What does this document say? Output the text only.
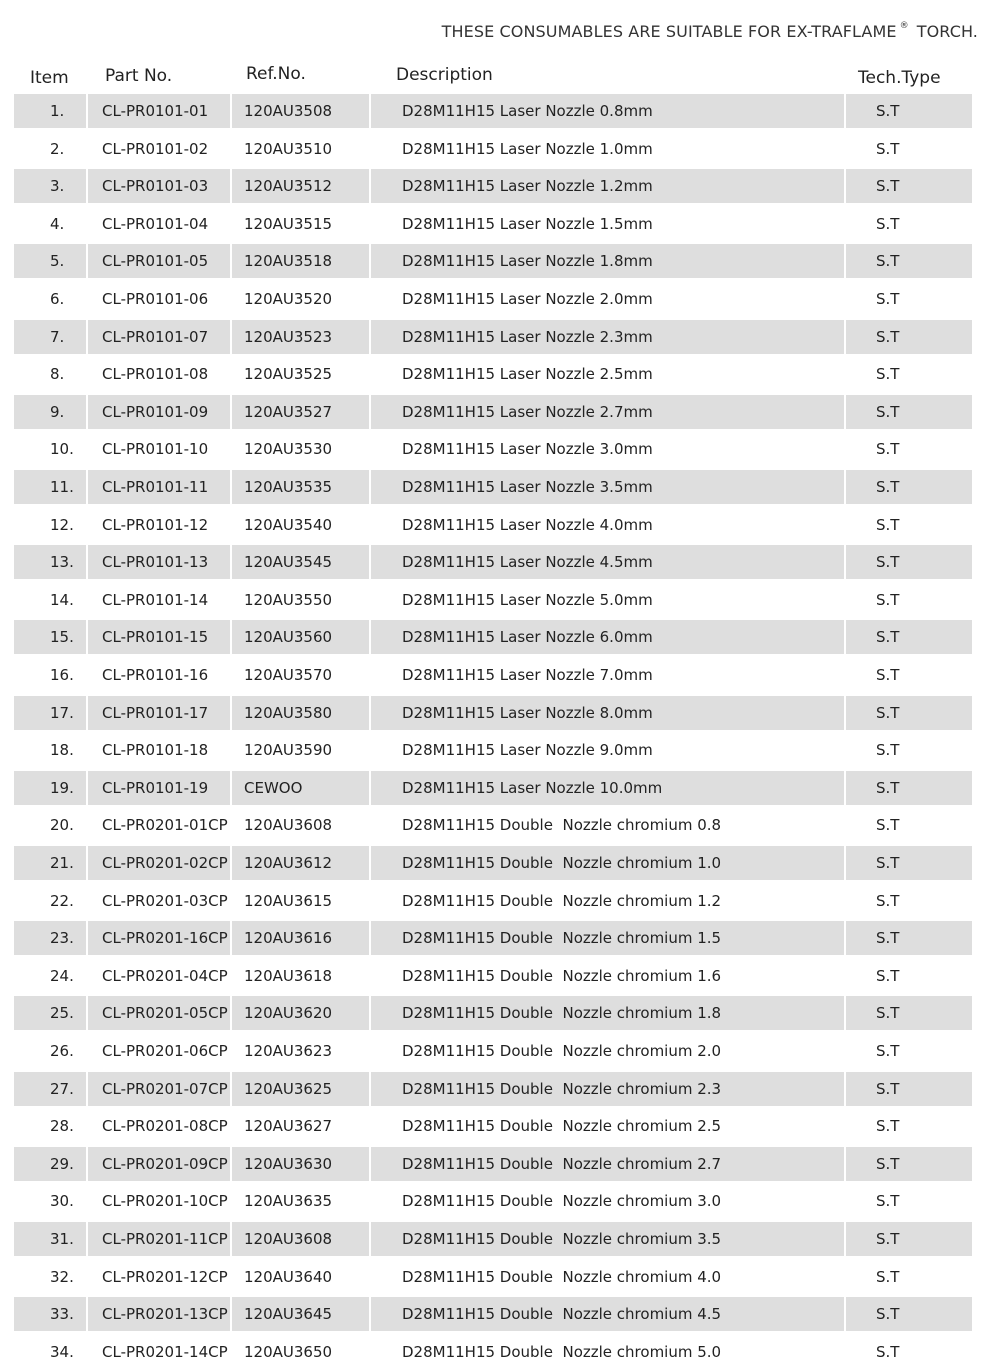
THESE CONSUMABLES ARE SUITABLE FOR EX-TRAFLAME ® TORCH.
Item Part No.	Ref.No.	Description	Tech.Type
1.	CL-PR0101-01 120AU3508	D28M11H15 Laser Nozzle 0.8mm	S.T
2.	CL-PR0101-02 120AU3510	D28M11H15 Laser Nozzle 1.0mm	S.T
3.	CL-PR0101-03 120AU3512	D28M11H15 Laser Nozzle 1.2mm	S.T
4.	CL-PR0101-04 120AU3515	D28M11H15 Laser Nozzle 1.5mm	S.T
5.	CL-PR0101-05 120AU3518	D28M11H15 Laser Nozzle 1.8mm	S.T
6.	CL-PR0101-06 120AU3520	D28M11H15 Laser Nozzle 2.0mm	S.T
7.	CL-PR0101-07 120AU3523	D28M11H15 Laser Nozzle 2.3mm	S.T
8.	CL-PR0101-08 120AU3525	D28M11H15 Laser Nozzle 2.5mm	S.T
9.	CL-PR0101-09 120AU3527	D28M11H15 Laser Nozzle 2.7mm	S.T
10. CL-PR0101-10 120AU3530	D28M11H15 Laser Nozzle 3.0mm	S.T
11. CL-PR0101-11 120AU3535	D28M11H15 Laser Nozzle 3.5mm	S.T
12. CL-PR0101-12 120AU3540	D28M11H15 Laser Nozzle 4.0mm	S.T
13. CL-PR0101-13 120AU3545	D28M11H15 Laser Nozzle 4.5mm	S.T
14. CL-PR0101-14 120AU3550	D28M11H15 Laser Nozzle 5.0mm	S.T
15. CL-PR0101-15 120AU3560	D28M11H15 Laser Nozzle 6.0mm	S.T
16. CL-PR0101-16 120AU3570	D28M11H15 Laser Nozzle 7.0mm	S.T
17. CL-PR0101-17 120AU3580	D28M11H15 Laser Nozzle 8.0mm	S.T
18. CL-PR0101-18 120AU3590	D28M11H15 Laser Nozzle 9.0mm	S.T
19. CL-PR0101-19 CEWOO	D28M11H15 Laser Nozzle 10.0mm	S.T
20. CL-PR0201-01CP 120AU3608	D28M11H15 Double  Nozzle chromium 0.8	S.T
21. CL-PR0201-02CP 120AU3612	D28M11H15 Double  Nozzle chromium 1.0	S.T
22. CL-PR0201-03CP 120AU3615	D28M11H15 Double  Nozzle chromium 1.2	S.T
23. CL-PR0201-16CP 120AU3616	D28M11H15 Double  Nozzle chromium 1.5	S.T
24. CL-PR0201-04CP 120AU3618	D28M11H15 Double  Nozzle chromium 1.6	S.T
25. CL-PR0201-05CP 120AU3620	D28M11H15 Double  Nozzle chromium 1.8	S.T
26. CL-PR0201-06CP 120AU3623	D28M11H15 Double  Nozzle chromium 2.0	S.T
27. CL-PR0201-07CP 120AU3625	D28M11H15 Double  Nozzle chromium 2.3	S.T
28. CL-PR0201-08CP 120AU3627	D28M11H15 Double  Nozzle chromium 2.5	S.T
29. CL-PR0201-09CP 120AU3630	D28M11H15 Double  Nozzle chromium 2.7	S.T
30. CL-PR0201-10CP 120AU3635	D28M11H15 Double  Nozzle chromium 3.0	S.T
31. CL-PR0201-11CP 120AU3608	D28M11H15 Double  Nozzle chromium 3.5	S.T
32. CL-PR0201-12CP 120AU3640	D28M11H15 Double  Nozzle chromium 4.0	S.T
33. CL-PR0201-13CP 120AU3645	D28M11H15 Double  Nozzle chromium 4.5	S.T
34. CL-PR0201-14CP 120AU3650	D28M11H15 Double  Nozzle chromium 5.0	S.T
